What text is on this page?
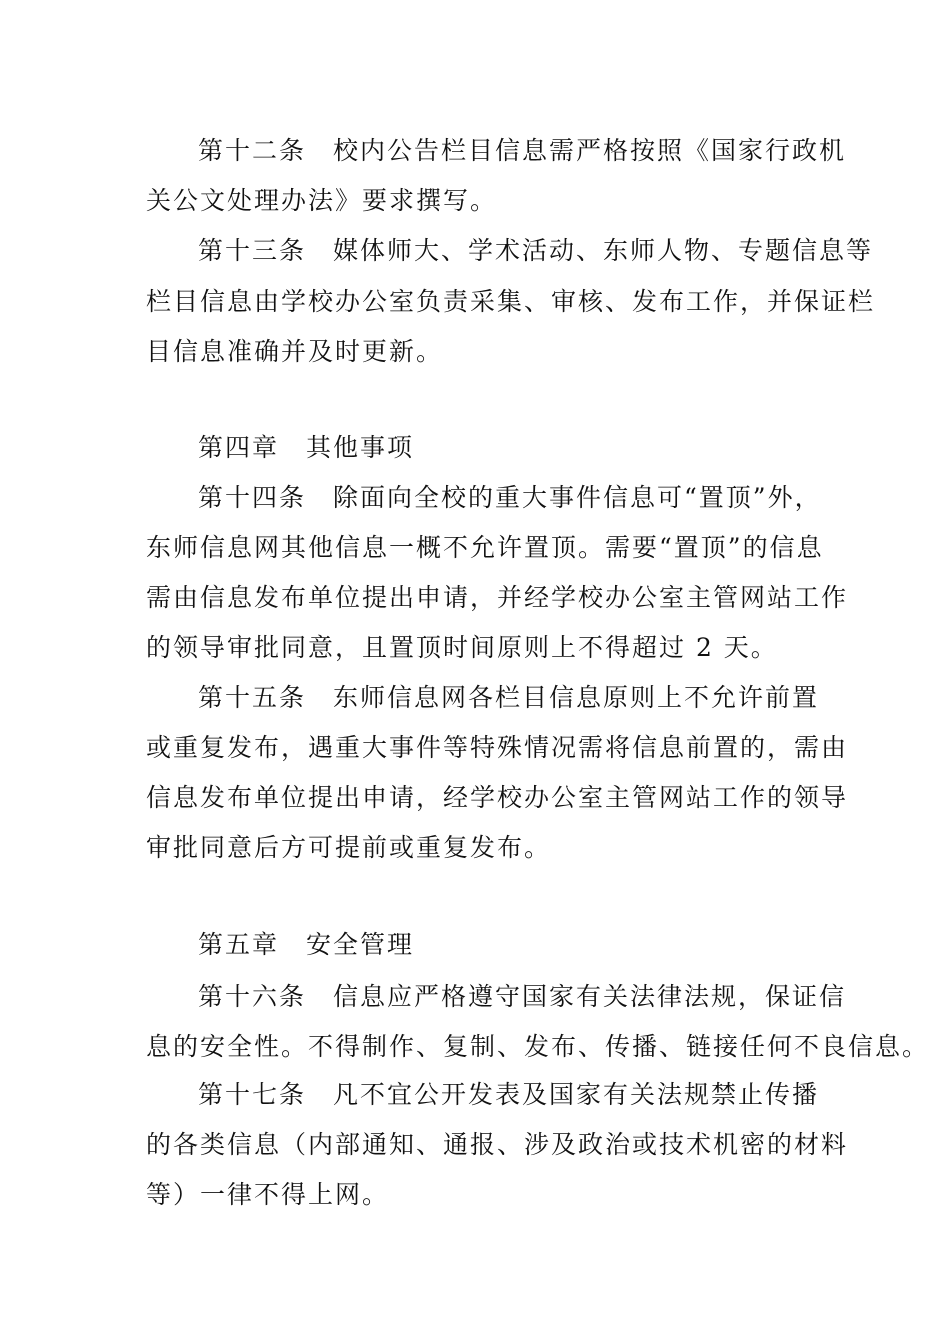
第十二条　校内公告栏目信息需严格按照《国家行政机
关公文处理办法》要求撰写。
第十三条　媒体师大、学术活动、东师人物、专题信息等
栏目信息由学校办公室负责采集、审核、发布工作，并保证栏
目信息准确并及时更新。
第四章　其他事项
第十四条　除面向全校的重大事件信息可“置顶”外，
东师信息网其他信息一概不允许置顶。需要“置顶”的信息
需由信息发布单位提出申请，并经学校办公室主管网站工作
的领导审批同意，且置顶时间原则上不得超过 2 天。
第十五条　东师信息网各栏目信息原则上不允许前置
或重复发布，遇重大事件等特殊情况需将信息前置的，需由
信息发布单位提出申请，经学校办公室主管网站工作的领导
审批同意后方可提前或重复发布。
第五章　安全管理
第十六条　信息应严格遵守国家有关法律法规，保证信
息的安全性。不得制作、复制、发布、传播、链接任何不良信息。
第十七条　凡不宜公开发表及国家有关法规禁止传播
的各类信息（内部通知、通报、涉及政治或技术机密的材料
等）一律不得上网。
